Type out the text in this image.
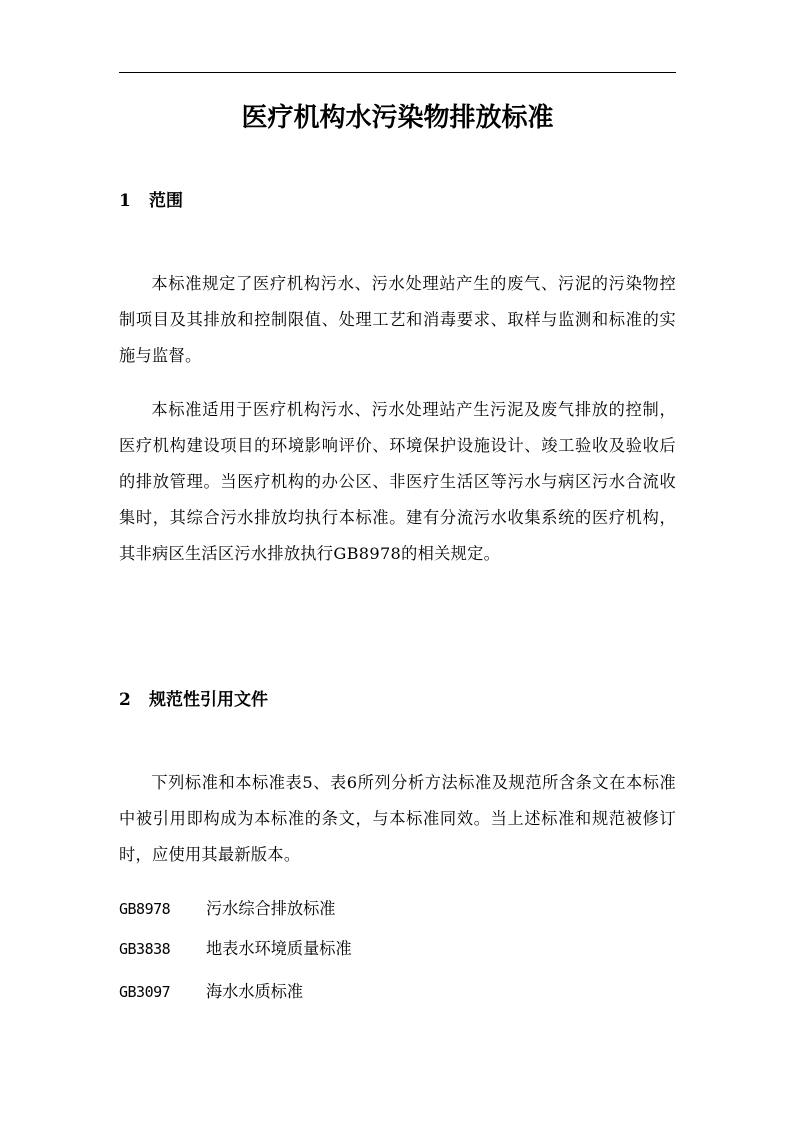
医疗机构水污染物排放标准
1 范围

本标准规定了医疗机构污水、污水处理站产生的废气、污泥的污染物控制项目及其排放和控制限值、处理工艺和消毒要求、取样与监测和标准的实施与监督。

本标准适用于医疗机构污水、污水处理站产生污泥及废气排放的控制，医疗机构建设项目的环境影响评价、环境保护设施设计、竣工验收及验收后的排放管理。当医疗机构的办公区、非医疗生活区等污水与病区污水合流收集时，其综合污水排放均执行本标准。建有分流污水收集系统的医疗机构，其非病区生活区污水排放执行GB8978的相关规定。

2 规范性引用文件

下列标准和本标准表5、表6所列分析方法标准及规范所含条文在本标准中被引用即构成为本标准的条文，与本标准同效。当上述标准和规范被修订时，应使用其最新版本。

GB8978 污水综合排放标准
GB3838 地表水环境质量标准
GB3097 海水水质标准
